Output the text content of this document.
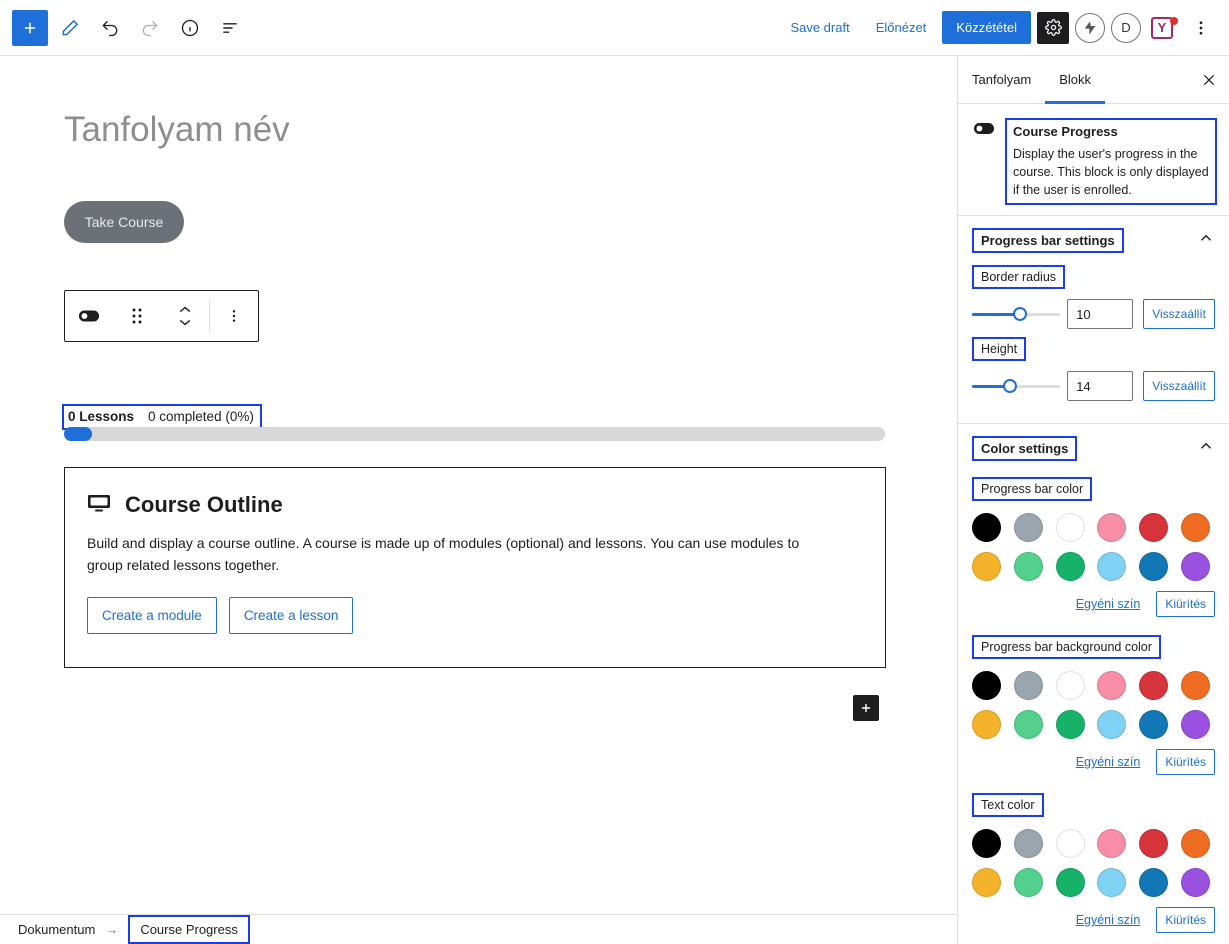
Save draft	Előnézet	Közzététel	D	Y
Tanfolyam név
Take Course
0 Lessons 0 completed (0%)
Course Outline
Build and display a course outline. A course is made up of modules (optional) and lessons. You can use modules to group related lessons together.
Create a module	Create a lesson
Dokumentum →	Course Progress
Tanfolyam	Blokk
Course Progress
Display the user's progress in the course. This block is only displayed if the user is enrolled.
Progress bar settings
Border radius
10
Visszaállít
Height
14
Visszaállít
Color settings
Progress bar color
Egyéni szín	Kiürítés
Progress bar background color
Egyéni szín	Kiürítés
Text color
Egyéni szín	Kiürítés
